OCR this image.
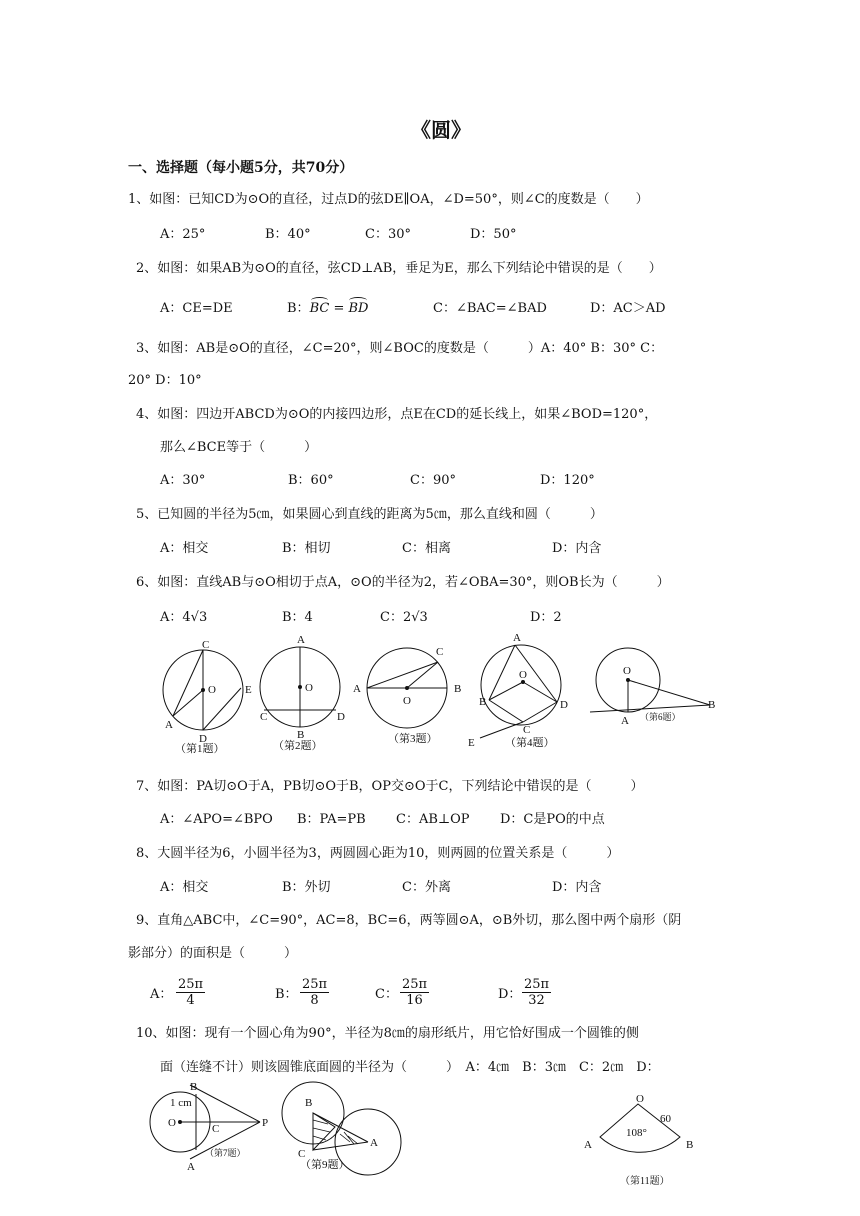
《圆》
一、选择题（每小题5分，共70分）
1、如图：已知CD为⊙O的直径，过点D的弦DE∥OA，∠D=50°，则∠C的度数是（　　）
A：25°	B：40°	C：30°	D：50°
2、如图：如果AB为⊙O的直径，弦CD⊥AB，垂足为E，那么下列结论中错误的是（　　）
A：CE=DE	B：BC = BD	C：∠BAC=∠BAD	D：AC＞AD
3、如图：AB是⊙O的直径，∠C=20°，则∠BOC的度数是（　　　）A：40° B：30° C：
20° D：10°
4、如图：四边开ABCD为⊙O的内接四边形，点E在CD的延长线上，如果∠BOD=120°，
那么∠BCE等于（　　　）
A：30°	B：60°	C：90°	D：120°
5、已知圆的半径为5㎝，如果圆心到直线的距离为5㎝，那么直线和圆（　　　）
A：相交	B：相切	C：相离	D：内含
6、如图：直线AB与⊙O相切于点A，⊙O的半径为2，若∠OBA=30°，则OB长为（　　　）
A：4√3	B：4	C：2√3	D：2
C
O	E
A
D
（第1题）
A
O
C	D
B
（第2题）
A	B
C
O
（第3题）
A
O
B	D
C
E	（第4题）
O
A
B
（第6题）
7、如图：PA切⊙O于A，PB切⊙O于B，OP交⊙O于C，下列结论中错误的是（　　　）
A：∠APO=∠BPO B：PA=PB C：AB⊥OP D：C是PO的中点
8、大圆半径为6，小圆半径为3，两圆圆心距为10，则两圆的位置关系是（　　　）
A：相交	B：外切	C：外离	D：内含
9、直角△ABC中，∠C=90°，AC=8，BC=6，两等圆⊙A，⊙B外切，那么图中两个扇形（阴
影部分）的面积是（　　　）
A： $\frac{25\pi}{4}$	B： $\frac{25\pi}{8}$	C： $\frac{25\pi}{16}$	D： $\frac{25\pi}{32}$
10、如图：现有一个圆心角为90°，半径为8㎝的扇形纸片，用它恰好围成一个圆锥的侧
面（连缝不计）则该圆锥底面圆的半径为（　　　）　A：4㎝　B：3㎝　C：2㎝　D：
B
1 cm
O	C	P
A
（第7题）
B
A
C
（第9题）
O
60
108°
A	B
（第11题）
